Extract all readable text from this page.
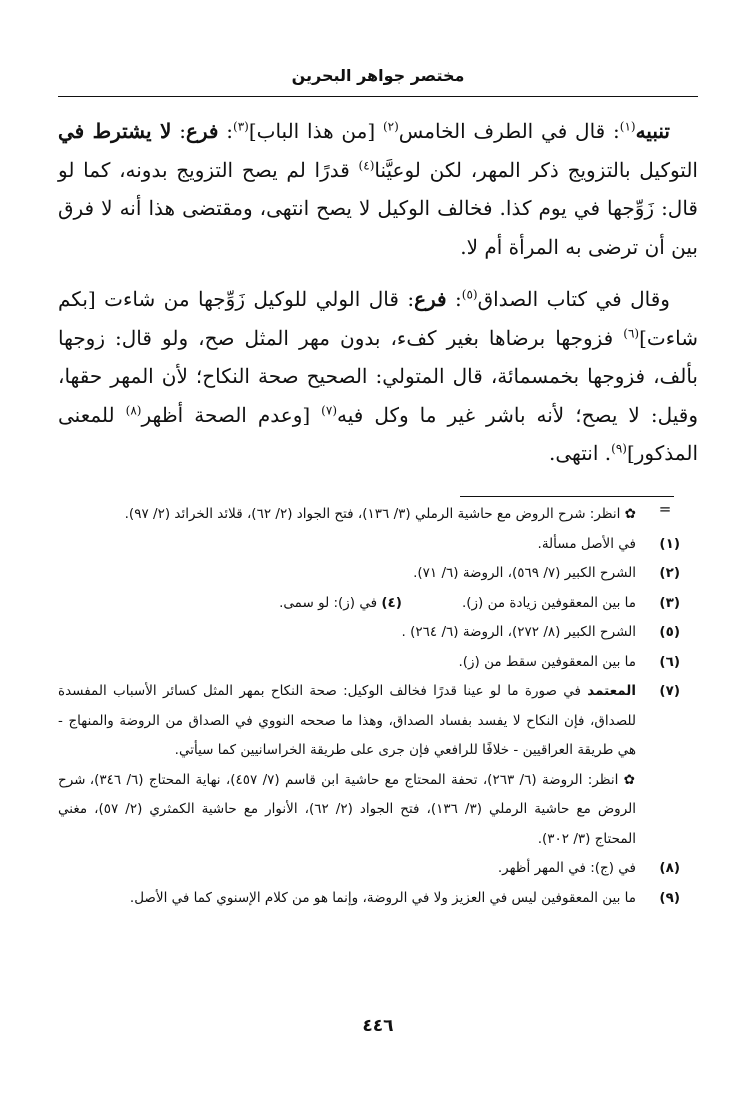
مختصر جواهر البحرين

تنبيه$^{(١)}$: قال في الطرف الخامس$^{(٢)}$ [من هذا الباب]$^{(٣)}$: فرع: لا يشترط في التوكيل بالتزويج ذكر المهر، لكن لوعيَّنا$^{(٤)}$ قدرًا لم يصح التزويج بدونه، كما لو قال: زَوِّجها في يوم كذا. فخالف الوكيل لا يصح انتهى، ومقتضى هذا أنه لا فرق بين أن ترضى به المرأة أم لا.

وقال في كتاب الصداق$^{(٥)}$: فرع: قال الولي للوكيل زَوِّجها من شاءت [بكم شاءت]$^{(٦)}$ فزوجها برضاها بغير كفء، بدون مهر المثل صح، ولو قال: زوجها بألف، فزوجها بخمسمائة، قال المتولي: الصحيح صحة النكاح؛ لأن المهر حقها، وقيل: لا يصح؛ لأنه باشر غير ما وكل فيه$^{(٧)}$ [وعدم الصحة أظهر$^{(٨)}$ للمعنى المذكور]$^{(٩)}$. انتهى.

=

✿ انظر: شرح الروض مع حاشية الرملي (٣/ ١٣٦)، فتح الجواد (٢/ ٦٢)، قلائد الخرائد (٢/ ٩٧).

(١)
في الأصل مسألة.

(٢)
الشرح الكبير (٧/ ٥٦٩)، الروضة (٦/ ٧١).

(٣)
ما بين المعقوفين زيادة من (ز).(٤) في (ز): لو سمى.

(٥)
الشرح الكبير (٨/ ٢٧٢)، الروضة (٦/ ٢٦٤) .

(٦)
ما بين المعقوفين سقط من (ز).

(٧)
المعتمد في صورة ما لو عينا قدرًا فخالف الوكيل: صحة النكاح بمهر المثل كسائر الأسباب المفسدة للصداق، فإن النكاح لا يفسد بفساد الصداق، وهذا ما صححه النووي في الصداق من الروضة والمنهاج - هي طريقة العراقيين - خلافًا للرافعي فإن جرى على طريقة الخراسانيين كما سيأتي.

✿ انظر: الروضة (٦/ ٢٦٣)، تحفة المحتاج مع حاشية ابن قاسم (٧/ ٤٥٧)، نهاية المحتاج (٦/ ٣٤٦)، شرح الروض مع حاشية الرملي (٣/ ١٣٦)، فتح الجواد (٢/ ٦٢)، الأنوار مع حاشية الكمثري (٢/ ٥٧)، مغني المحتاج (٣/ ٣٠٢).

(٨)
في (ج): في المهر أظهر.

(٩)
ما بين المعقوفين ليس في العزيز ولا في الروضة، وإنما هو من كلام الإسنوي كما في الأصل.

٤٤٦
